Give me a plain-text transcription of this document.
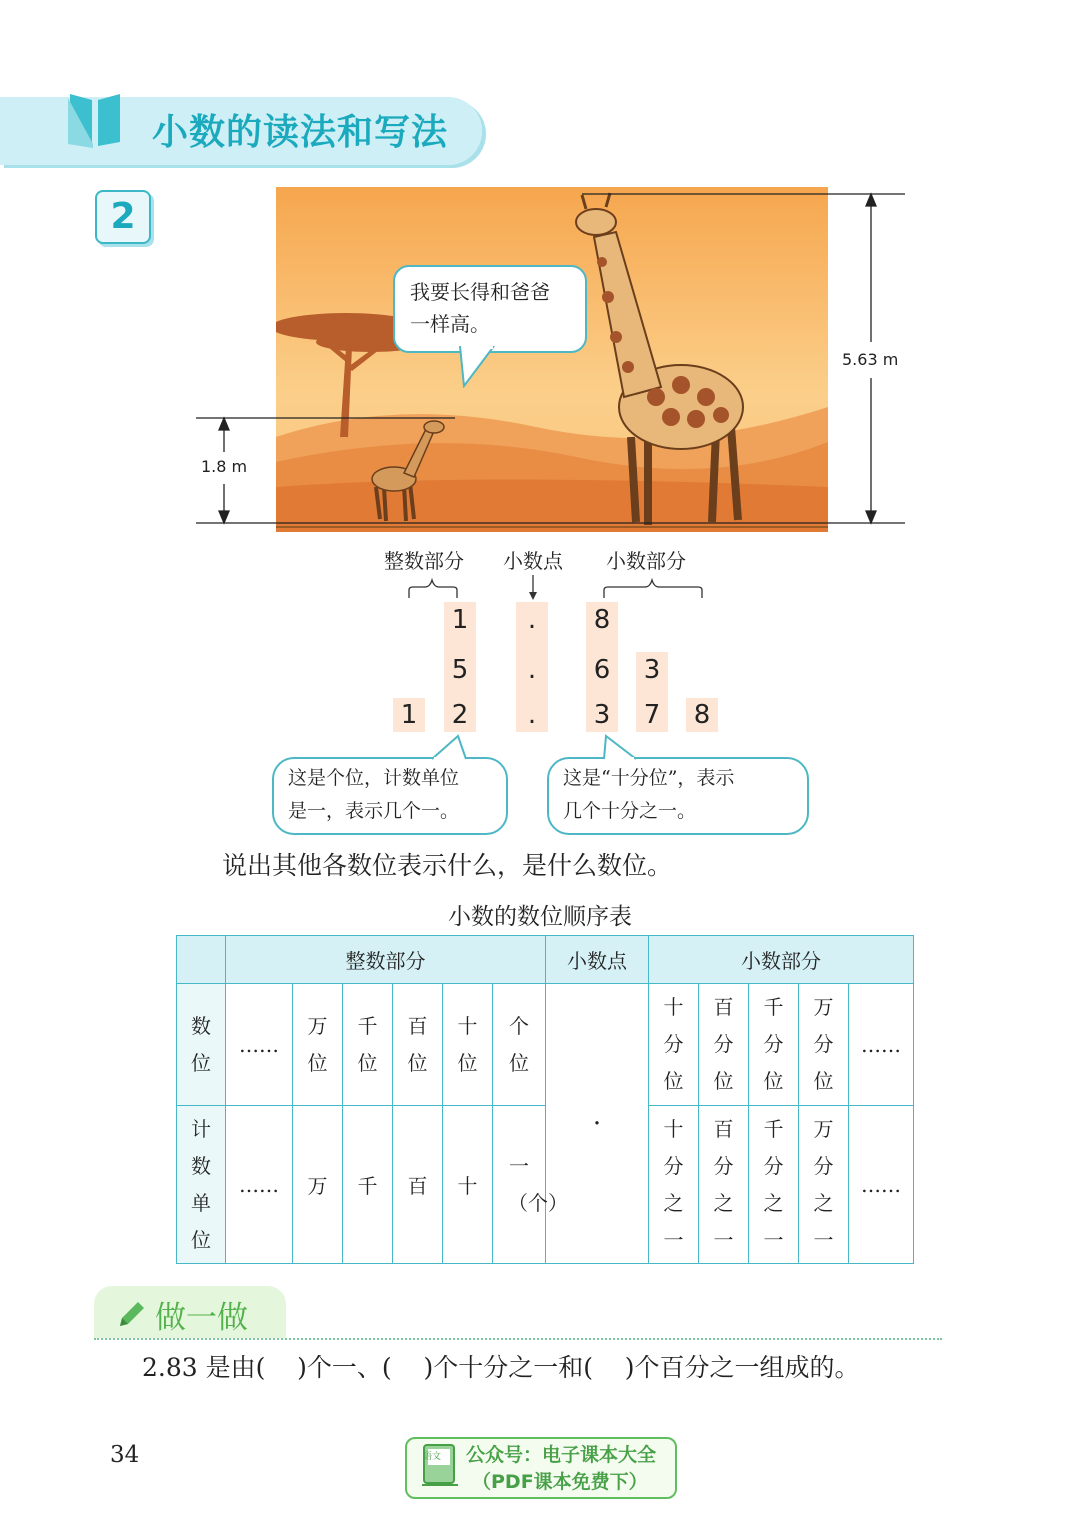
小数的读法和写法
2
我要长得和爸爸
一样高。
1.8 m
5.63 m
整数部分 小数点 小数部分
1	.	8
5	.	6 3
1 2	.	3 7 8
这是个位，计数单位
是一，表示几个一。
这是“十分位”，表示
几个十分之一。
说出其他各数位表示什么，是什么数位。
小数的数位顺序表
	整数部分						小数点	小数部分				
数位	……	万位	千位	百位	十位	个位	·	十分位	百分位	千分位	万分位	……
计数单位	……	万	千	百	十	一（个）		十分之一	百分之一	千分之一	万分之一	……
做一做
2.83 是由(    )个一、(    )个十分之一和(    )个百分之一组成的。
34	语文 公众号：电子课本大全
（PDF课本免费下）
